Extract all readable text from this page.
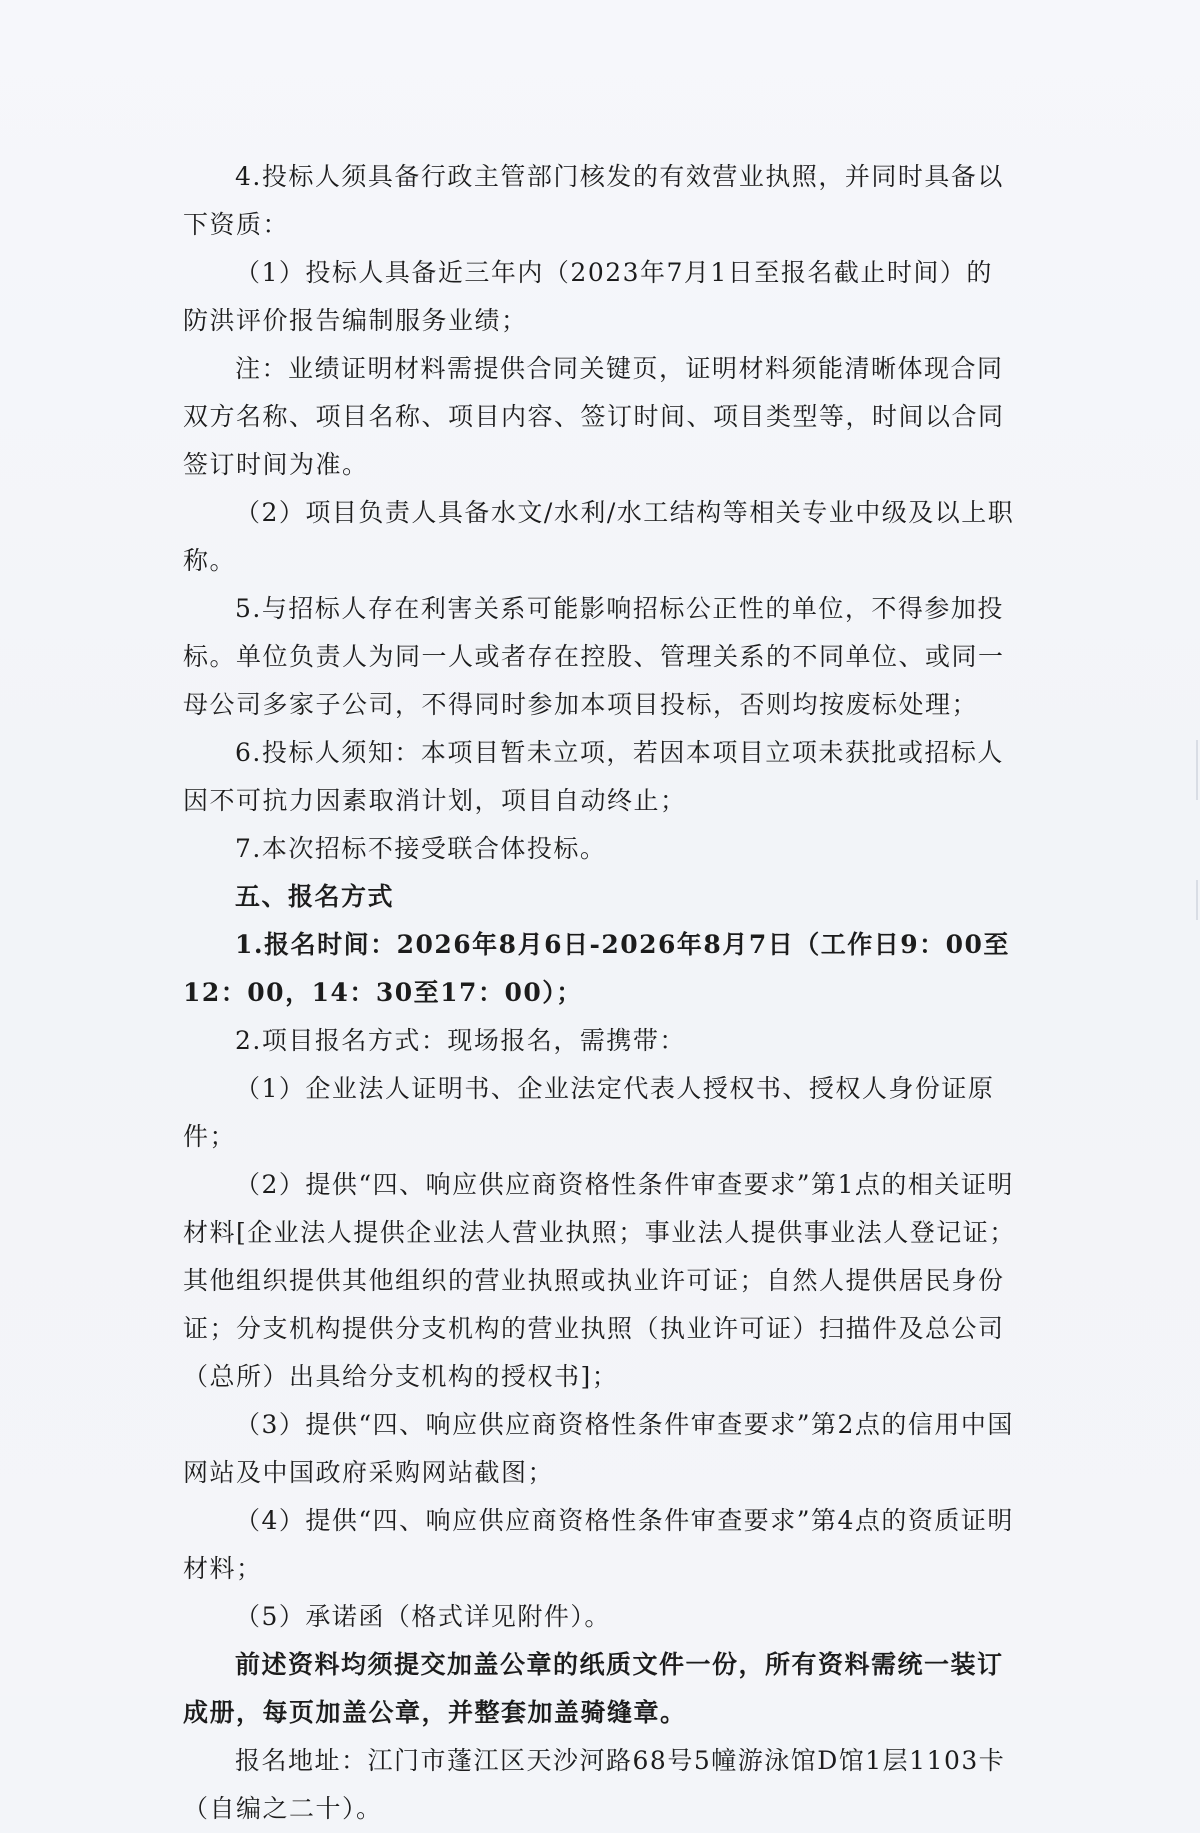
4.投标人须具备行政主管部门核发的有效营业执照，并同时具备以下资质：

（1）投标人具备近三年内（2023年7月1日至报名截止时间）的防洪评价报告编制服务业绩；

注：业绩证明材料需提供合同关键页，证明材料须能清晰体现合同双方名称、项目名称、项目内容、签订时间、项目类型等，时间以合同签订时间为准。

（2）项目负责人具备水文/水利/水工结构等相关专业中级及以上职称。

5.与招标人存在利害关系可能影响招标公正性的单位，不得参加投标。单位负责人为同一人或者存在控股、管理关系的不同单位、或同一母公司多家子公司，不得同时参加本项目投标，否则均按废标处理；

6.投标人须知：本项目暂未立项，若因本项目立项未获批或招标人因不可抗力因素取消计划，项目自动终止；

7.本次招标不接受联合体投标。

五、报名方式

1.报名时间：2026年8月6日-2026年8月7日（工作日9：00至12：00，14：30至17：00）；

2.项目报名方式：现场报名，需携带：

（1）企业法人证明书、企业法定代表人授权书、授权人身份证原件；

（2）提供“四、响应供应商资格性条件审查要求”第1点的相关证明材料[企业法人提供企业法人营业执照；事业法人提供事业法人登记证；其他组织提供其他组织的营业执照或执业许可证；自然人提供居民身份证；分支机构提供分支机构的营业执照（执业许可证）扫描件及总公司（总所）出具给分支机构的授权书]；

（3）提供“四、响应供应商资格性条件审查要求”第2点的信用中国网站及中国政府采购网站截图；

（4）提供“四、响应供应商资格性条件审查要求”第4点的资质证明材料；

（5）承诺函（格式详见附件）。

前述资料均须提交加盖公章的纸质文件一份，所有资料需统一装订成册，每页加盖公章，并整套加盖骑缝章。

报名地址：江门市蓬江区天沙河路68号5幢游泳馆D馆1层1103卡（自编之二十）。
